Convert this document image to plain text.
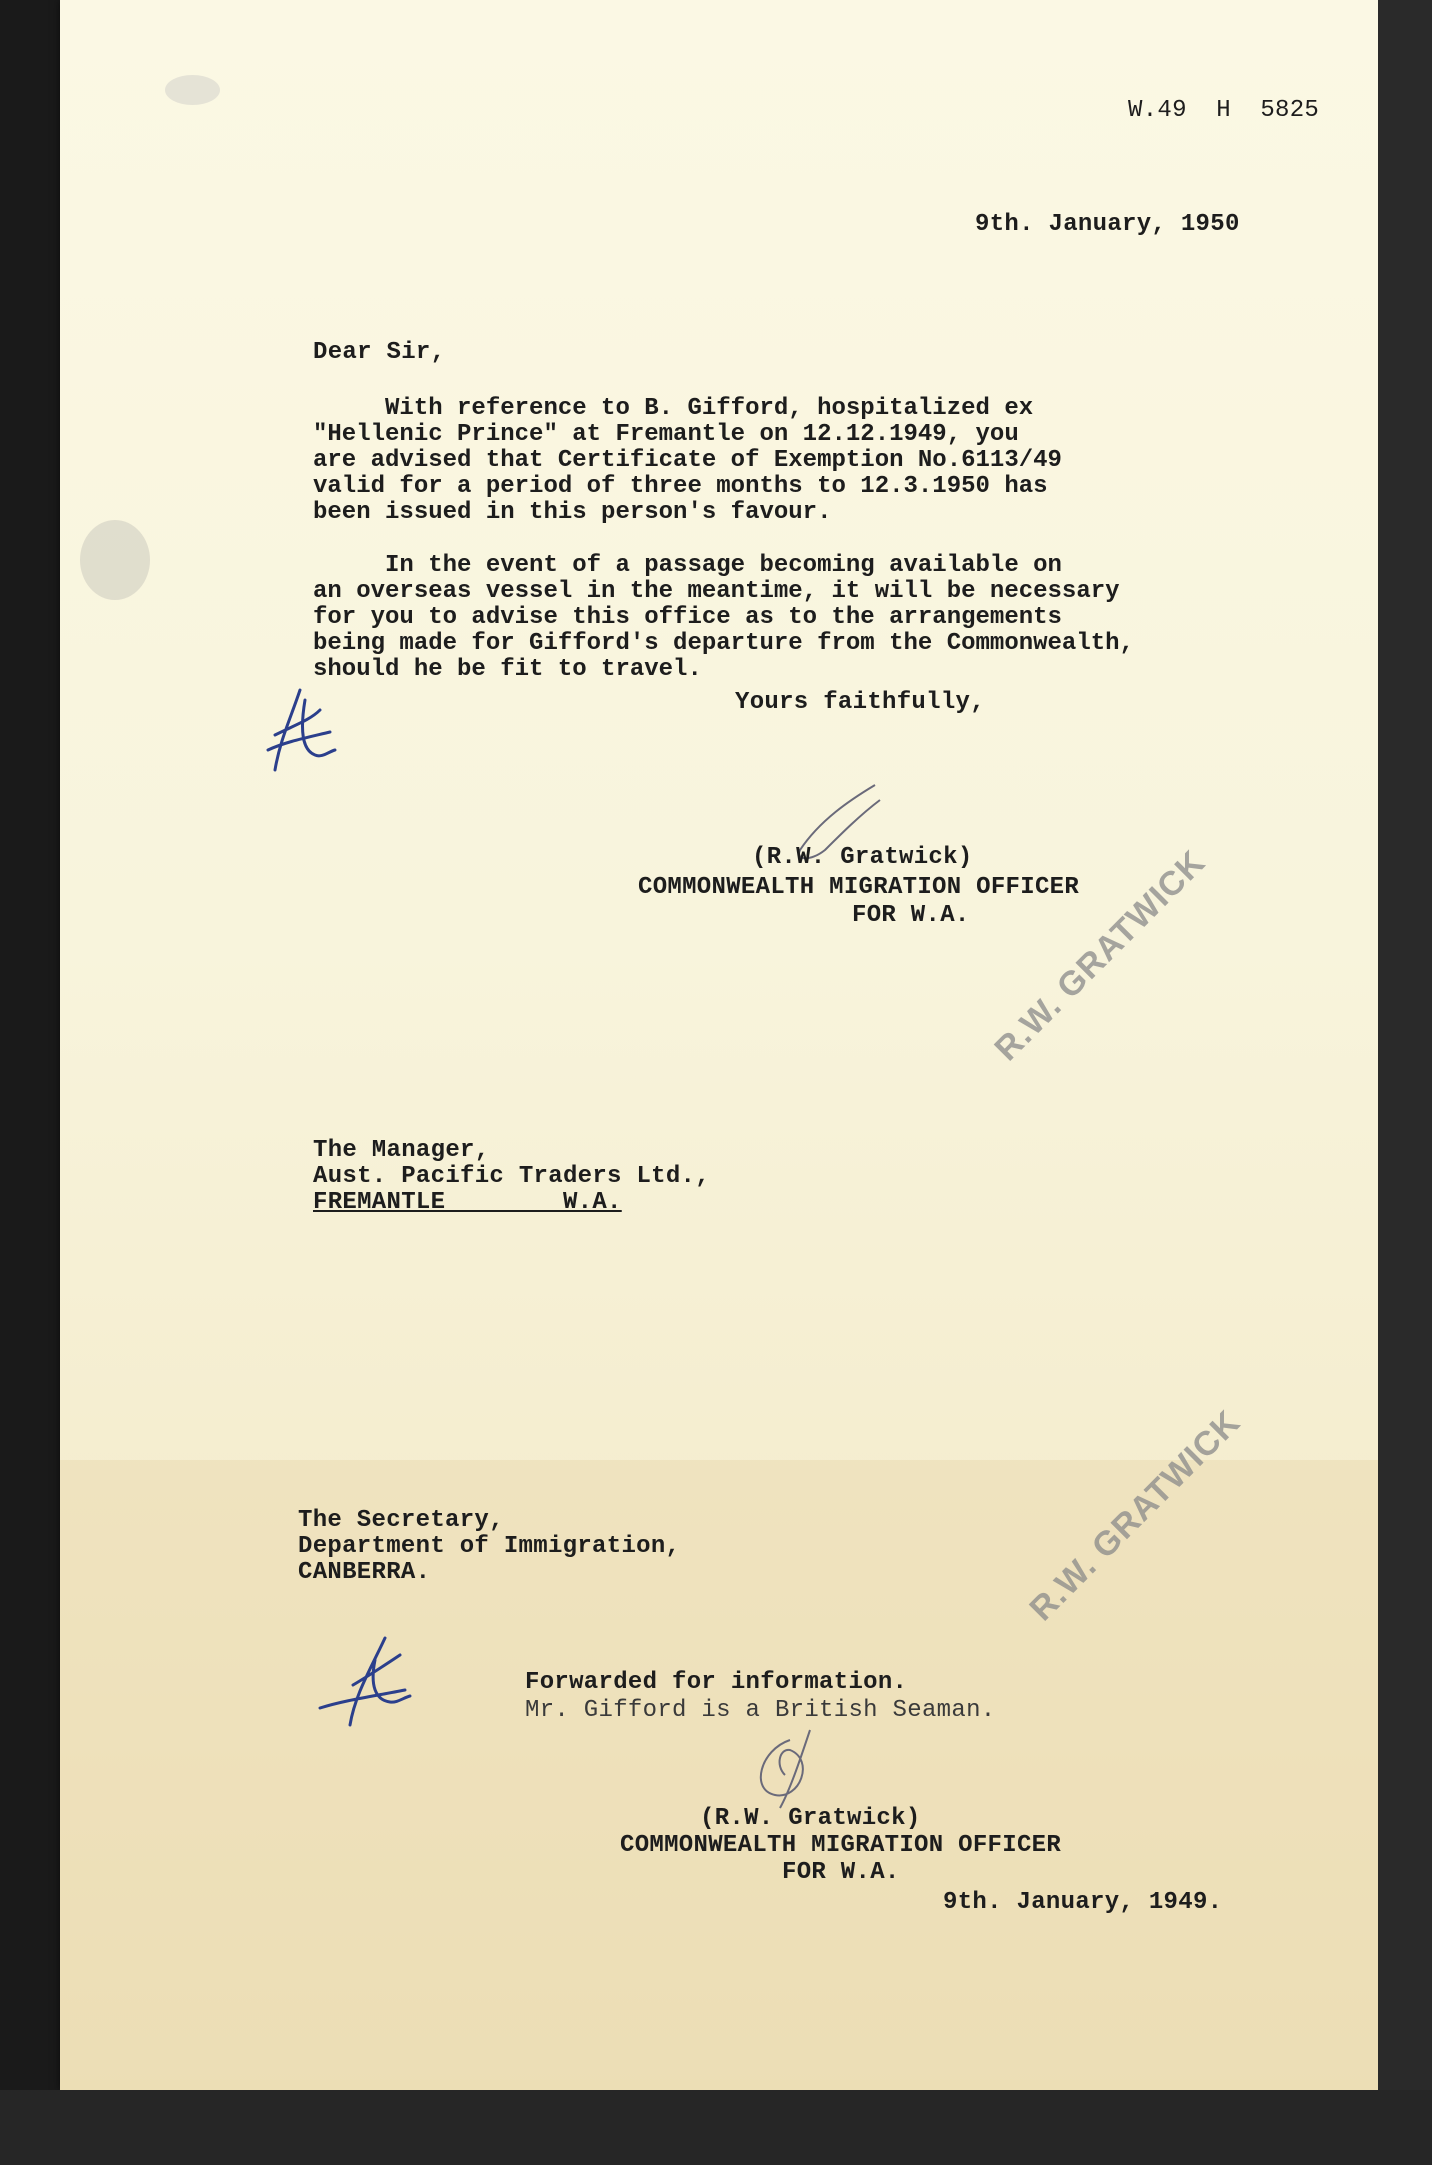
W.49  H  5825
9th. January, 1950
Dear Sir,
With reference to B. Gifford, hospitalized ex
"Hellenic Prince" at Fremantle on 12.12.1949, you
are advised that Certificate of Exemption No.6113/49
valid for a period of three months to 12.3.1950 has
been issued in this person's favour.
In the event of a passage becoming available on
an overseas vessel in the meantime, it will be necessary
for you to advise this office as to the arrangements
being made for Gifford's departure from the Commonwealth,
should he be fit to travel.
Yours faithfully,
(R.W. Gratwick)
COMMONWEALTH MIGRATION OFFICER
FOR W.A. R.W. GRATWICK
The Manager,
Aust. Pacific Traders Ltd.,
FREMANTLE        W.A.
R.W. GRATWICK
The Secretary,
Department of Immigration,
CANBERRA.
Forwarded for information.
Mr. Gifford is a British Seaman.
(R.W. Gratwick)
COMMONWEALTH MIGRATION OFFICER
FOR W.A.
9th. January, 1949.
